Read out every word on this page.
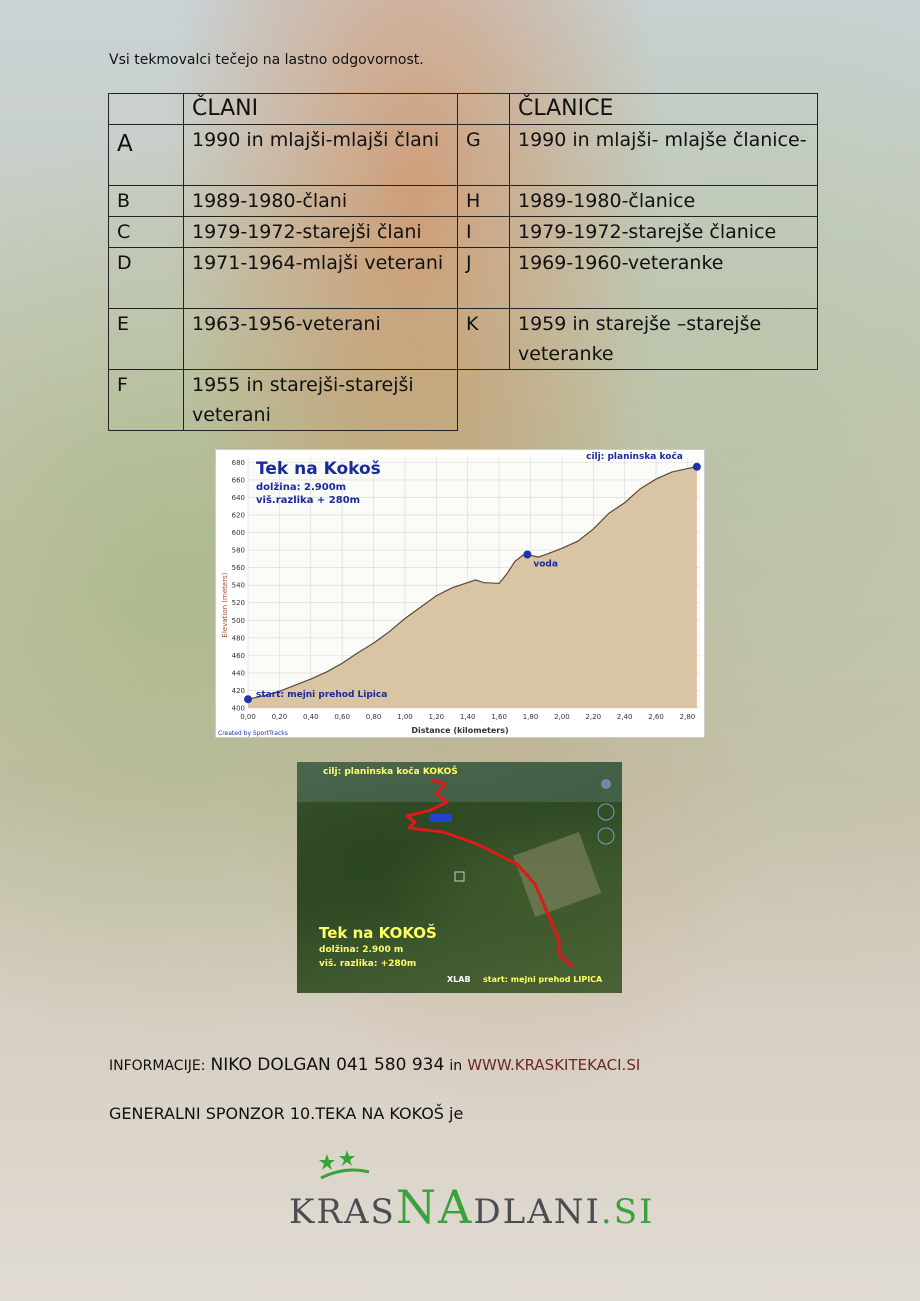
Vsi tekmovalci tečejo na lastno odgovornost.
	ČLANI		ČLANICE
A	1990 in mlajši-mlajši člani	G	1990 in mlajši- mlajše članice-
B	1989-1980-člani	H	1989-1980-članice
C	1979-1972-starejši člani	I	1979-1972-starejše članice
D	1971-1964-mlajši veterani	J	1969-1960-veteranke
E	1963-1956-veterani	K	1959 in starejše –starejše veteranke
F	1955 in starejši-starejši veterani		
400
420
440
460
480
500
520
540
560
580
600
620
640
660
680
0,00 0,20 0,40 0,60 0,80 1,00 1,20 1,40 1,60 1,80 2,00 2,20 2,40 2,60 2,80
start: mejni prehod Lipica
voda
cilj: planinska koča
Tek na Kokoš
dolžina: 2.900m
viš.razlika + 280m
Distance (kilometers)
Elevation (meters)
Created by SportTracks
cilj: planinska koča KOKOŠ
Tek na KOKOŠ
dolžina: 2.900 m
viš. razlika: +280m
XLAB start: mejni prehod LIPICA
INFORMACIJE: NIKO DOLGAN 041 580 934 in WWW.KRASKITEKACI.SI
GENERALNI SPONZOR 10.TEKA NA KOKOŠ je
KRASNADLANI.SI
